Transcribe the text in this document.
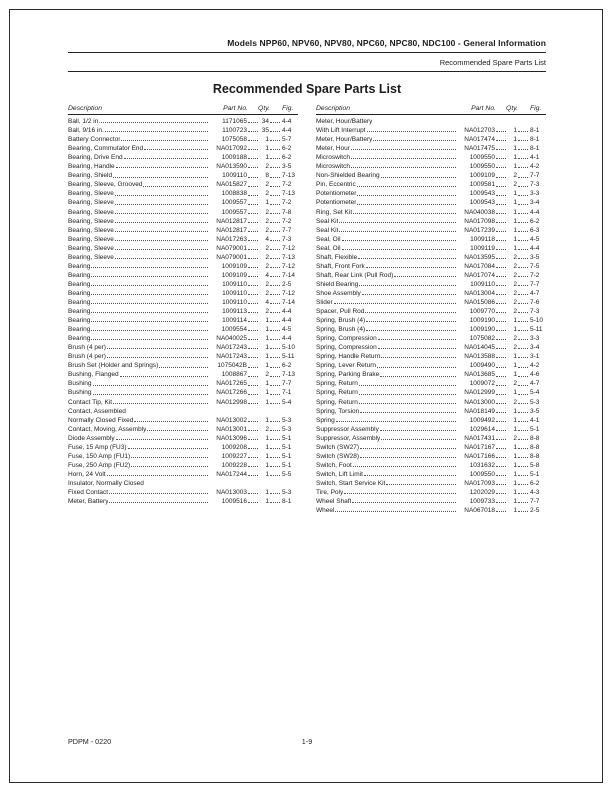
Models NPP60, NPV60, NPV80, NPC60, NPC80, NDC100 - General Information
Recommended Spare Parts List
Recommended Spare Parts List
Description	Part No.	Qty. Fig.
Ball, 1/2 in.	1171065	34 4-4
Ball, 9/16 in.	1100723	35 4-4
Battery Connector	1075058	1 5-7
Bearing, Commutator End	NA017092	1 6-2
Bearing, Drive End	1009188	1 6-2
Bearing, Handle	NA013590	2 3-5
Bearing, Shield	1009110	8 7-13
Bearing, Sleeve, Grooved	NA015827	2 7-2
Bearing, Sleeve	1008838	2 7-13
Bearing, Sleeve	1009557	1 7-2
Bearing, Sleeve	1009557	2 7-8
Bearing, Sleeve	NA012817	2 7-2
Bearing, Sleeve	NA012817	2 7-7
Bearing, Sleeve	NA017263	4 7-3
Bearing, Sleeve	NA079001	2 7-12
Bearing, Sleeve	NA079001	2 7-13
Bearing	1009109	2 7-12
Bearing	1009109	4 7-14
Bearing	1009110	2 2-5
Bearing	1009110	2 7-12
Bearing	1009110	4 7-14
Bearing	1009113	2 4-4
Bearing	1009114	1 4-4
Bearing	1009554	1 4-5
Bearing	NA040025	1 4-4
Brush (4 per)	NA017243	1 5-10
Brush (4 per)	NA017243	1 5-11
Brush Set (Holder and Springs)	1075042B	1 6-2
Bushing, Flanged	1008867	2 7-13
Bushing	NA017265	1 7-7
Bushing	NA017266	1 7-1
Contact Tip, Kit	NA012998	1 5-4
Contact, Assembled
Normally Closed Fixed	NA013002	1 5-3
Contact, Moving, Assembly	NA013001	2 5-3
Diode Assembly	NA013096	1 5-1
Fuse, 15 Amp (FU3)	1009208	1 5-1
Fuse, 150 Amp (FU1)	1009227	1 5-1
Fuse, 250 Amp (FU2)	1009228	1 5-1
Horn, 24 Volt	NA017244	1 5-5
Insulator, Normally Closed
Fixed Contact	NA013003	1 5-3
Meter, Battery	1009516	1 8-1
Description	Part No.	Qty. Fig.
Meter, Hour/Battery
With Lift Interrupt	NA012703	1 8-1
Meter, Hour/Battery	NA017474	1 8-1
Meter, Hour	NA017475	1 8-1
Microswitch	1009550	1 4-1
Microswitch	1009550	1 4-2
Non-Shielded Bearing	1009109	2 7-7
Pin, Eccentric	1009581	2 7-3
Potentiometer	1009543	1 3-3
Potentiometer	1009543	1 3-4
Ring, Set Kit	NA040038	1 4-4
Seal Kit	NA017098	1 6-2
Seal Kit	NA017239	1 6-3
Seal, Oil	1009118	1 4-5
Seal, Oil	1009119	1 4-4
Shaft, Flexible	NA013595	2 3-5
Shaft, Front Fork	NA017084	2 7-5
Shaft, Rear Link (Pull Rod)	NA017074	2 7-2
Shield Bearing	1009110	2 7-7
Shoe Assembly	NA013004	2 4-7
Slider	NA015086	2 7-6
Spacer, Pull Rod	1009770	2 7-3
Spring, Brush (4)	1009190	1 5-10
Spring, Brush (4)	1009190	1 5-11
Spring, Compression	1075082	2 3-3
Spring, Compression	NA014045	2 3-4
Spring, Handle Return	NA013588	1 3-1
Spring, Lever Return	1009490	1 4-2
Spring, Parking Brake	NA013685	1 4-6
Spring, Return	1009072	2 4-7
Spring, Return	NA012999	1 5-4
Spring, Return	NA013000	2 5-3
Spring, Torsion	NA018149	1 3-5
Spring	1009492	1 4-1
Suppressor Assembly	1029614	1 5-1
Suppressor, Assembly	NA017431	2 8-8
Switch (SW27)	NA017167	1 8-8
Switch (SW28)	NA017166	1 8-8
Switch, Foot	1031632	1 5-8
Switch, Lift Limit	1009550	1 5-1
Switch, Start Service Kit	NA017093	1 6-2
Tire, Poly	1202029	1 4-3
Wheel Shaft	1009733	1 7-7
Wheel	NA067018	1 2-5
PDPM - 0220	1-9
